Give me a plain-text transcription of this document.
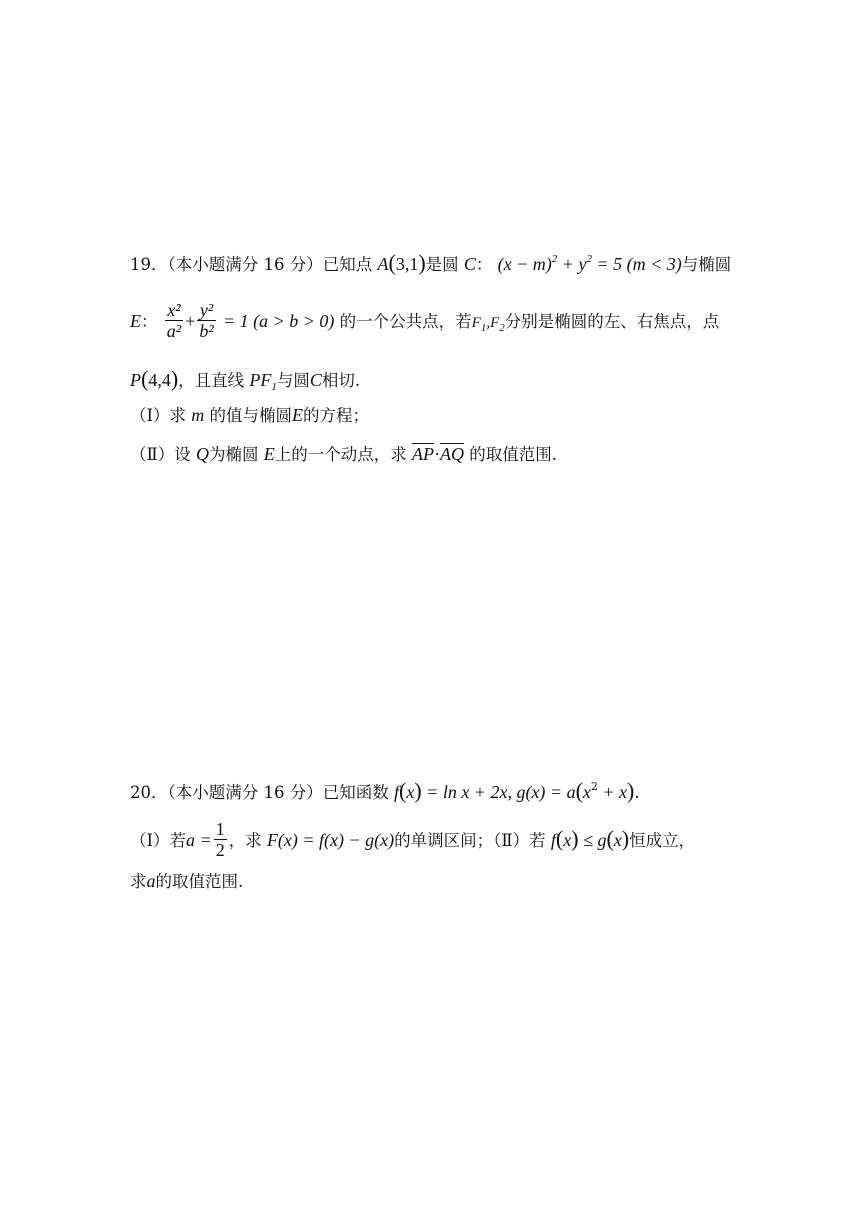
19．（本小题满分 16 分）已知点 A(3,1)是圆 C： $(x - m)^2 + y^2 = 5$ (m < 3)与椭圆
E： $\frac{\text{x²}}{\text{a²}} + \frac{\text{y²}}{\text{b²}} = 1$ (a > b > 0) 的一个公共点，若$F_1,F_2$分别是椭圆的左、右焦点，点
P(4,4)，且直线 $PF_1$与圆C相切.
（Ⅰ）求 m 的值与椭圆E的方程；
（Ⅱ）设 Q为椭圆 E上的一个动点，求 AP·AQ 的取值范围.
20．（本小题满分 16 分）已知函数 f(x) = ln x + 2x, $g(x) = a(x^2 + x)$.
（Ⅰ）若$a = \frac{1}{2}$ ，求 F(x) = f(x) − g(x)的单调区间；（Ⅱ）若 f(x) ≤ g(x)恒成立，
求a的取值范围.
